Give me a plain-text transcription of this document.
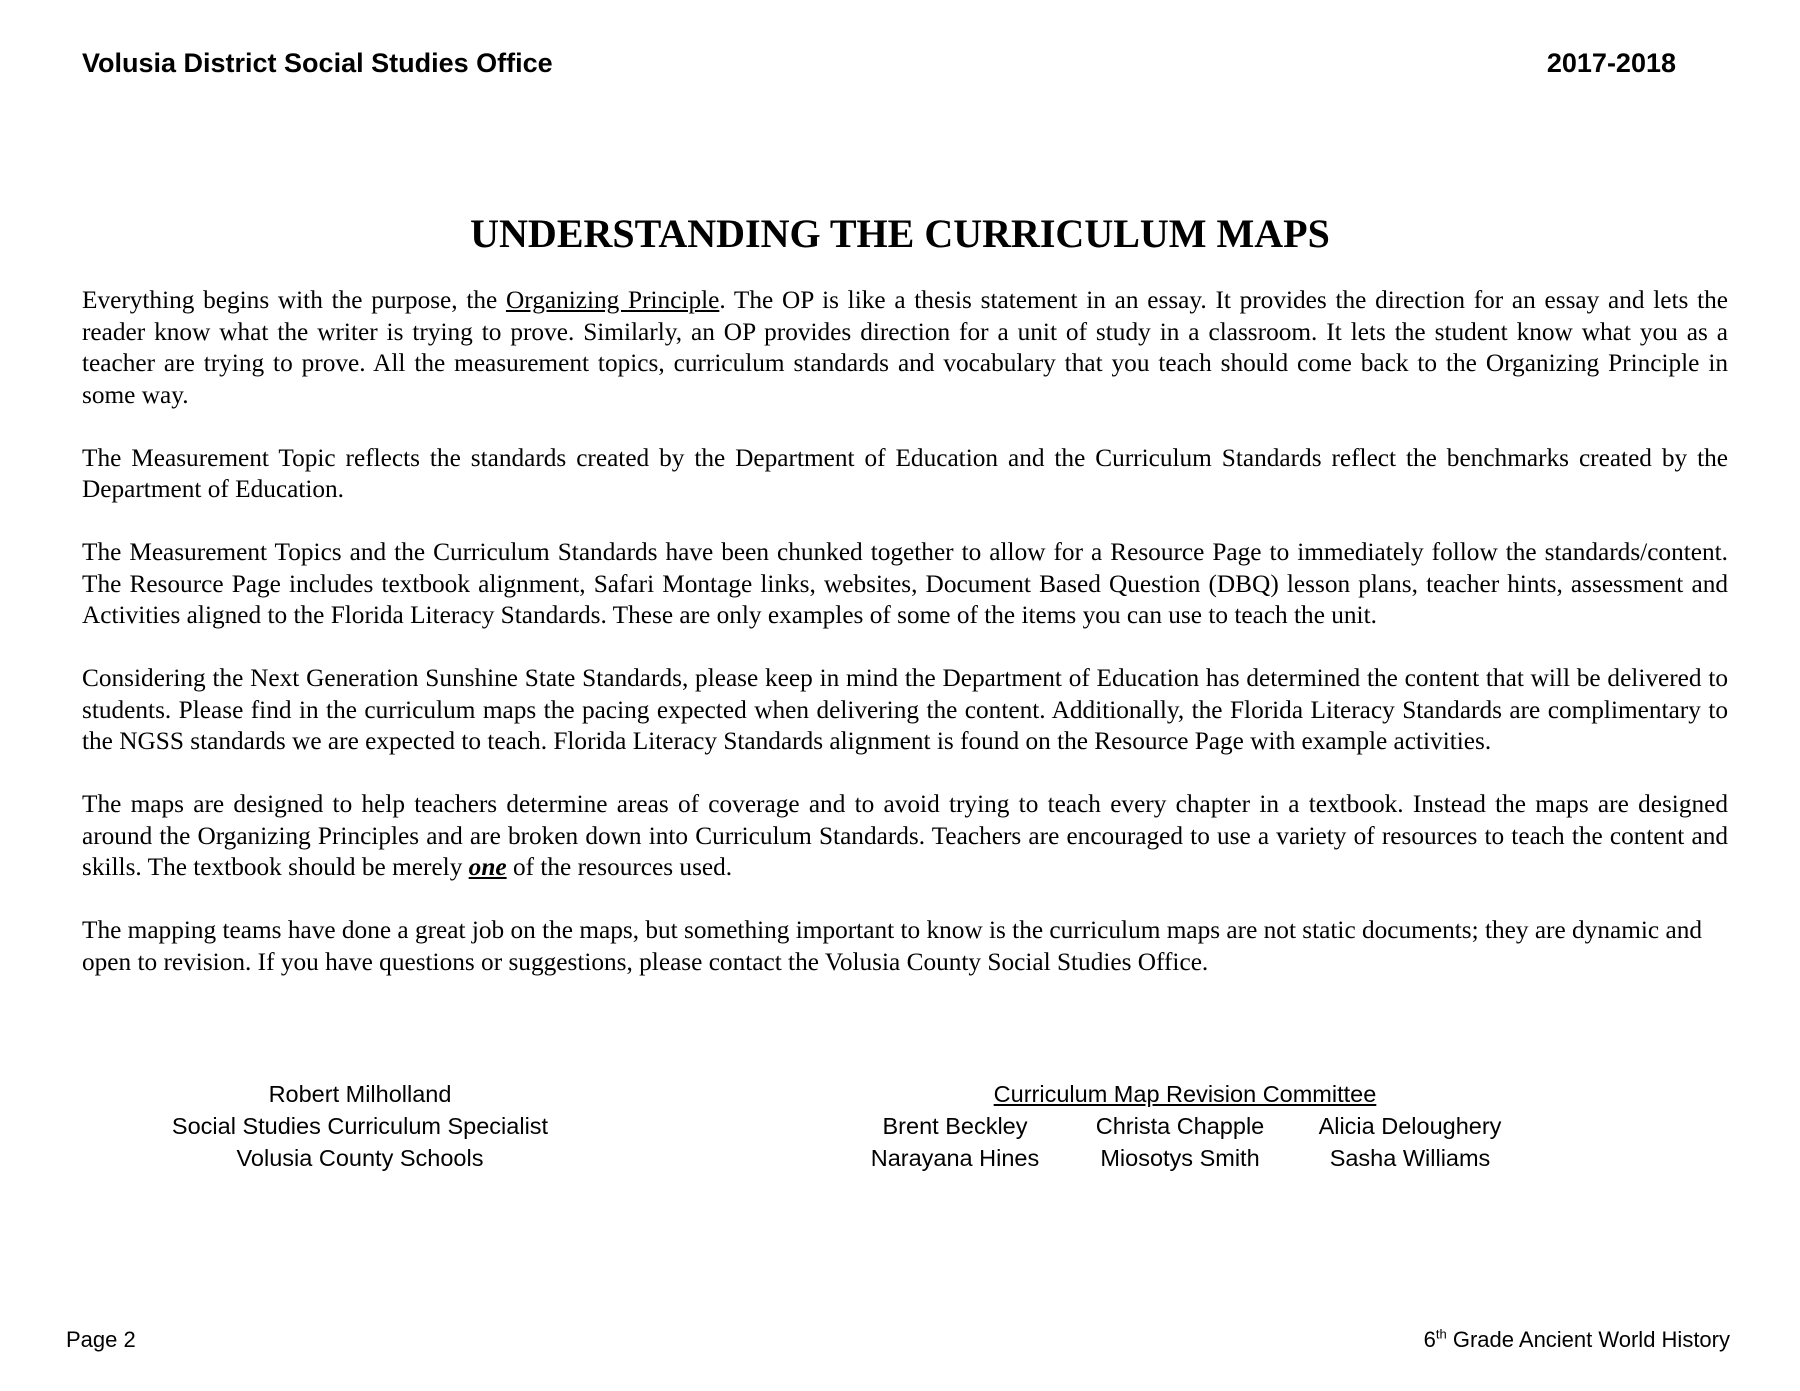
Volusia District Social Studies Office	2017-2018
UNDERSTANDING THE CURRICULUM MAPS

Everything begins with the purpose, the Organizing Principle. The OP is like a thesis statement in an essay. It provides the direction for an essay and lets the reader know what the writer is trying to prove. Similarly, an OP provides direction for a unit of study in a classroom. It lets the student know what you as a teacher are trying to prove. All the measurement topics, curriculum standards and vocabulary that you teach should come back to the Organizing Principle in some way.

The Measurement Topic reflects the standards created by the Department of Education and the Curriculum Standards reflect the benchmarks created by the Department of Education.

The Measurement Topics and the Curriculum Standards have been chunked together to allow for a Resource Page to immediately follow the standards/content. The Resource Page includes textbook alignment, Safari Montage links, websites, Document Based Question (DBQ) lesson plans, teacher hints, assessment and Activities aligned to the Florida Literacy Standards. These are only examples of some of the items you can use to teach the unit.

Considering the Next Generation Sunshine State Standards, please keep in mind the Department of Education has determined the content that will be delivered to students. Please find in the curriculum maps the pacing expected when delivering the content. Additionally, the Florida Literacy Standards are complimentary to the NGSS standards we are expected to teach. Florida Literacy Standards alignment is found on the Resource Page with example activities.

The maps are designed to help teachers determine areas of coverage and to avoid trying to teach every chapter in a textbook. Instead the maps are designed around the Organizing Principles and are broken down into Curriculum Standards. Teachers are encouraged to use a variety of resources to teach the content and skills. The textbook should be merely one of the resources used.

The mapping teams have done a great job on the maps, but something important to know is the curriculum maps are not static documents; they are dynamic and open to revision. If you have questions or suggestions, please contact the Volusia County Social Studies Office.

Robert Milholland
Social Studies Curriculum Specialist
Volusia County Schools
Curriculum Map Revision Committee
Brent Beckley	Christa Chapple	Alicia Deloughery
Narayana Hines	Miosotys Smith	Sasha Williams
Page 2	6th Grade Ancient World History
